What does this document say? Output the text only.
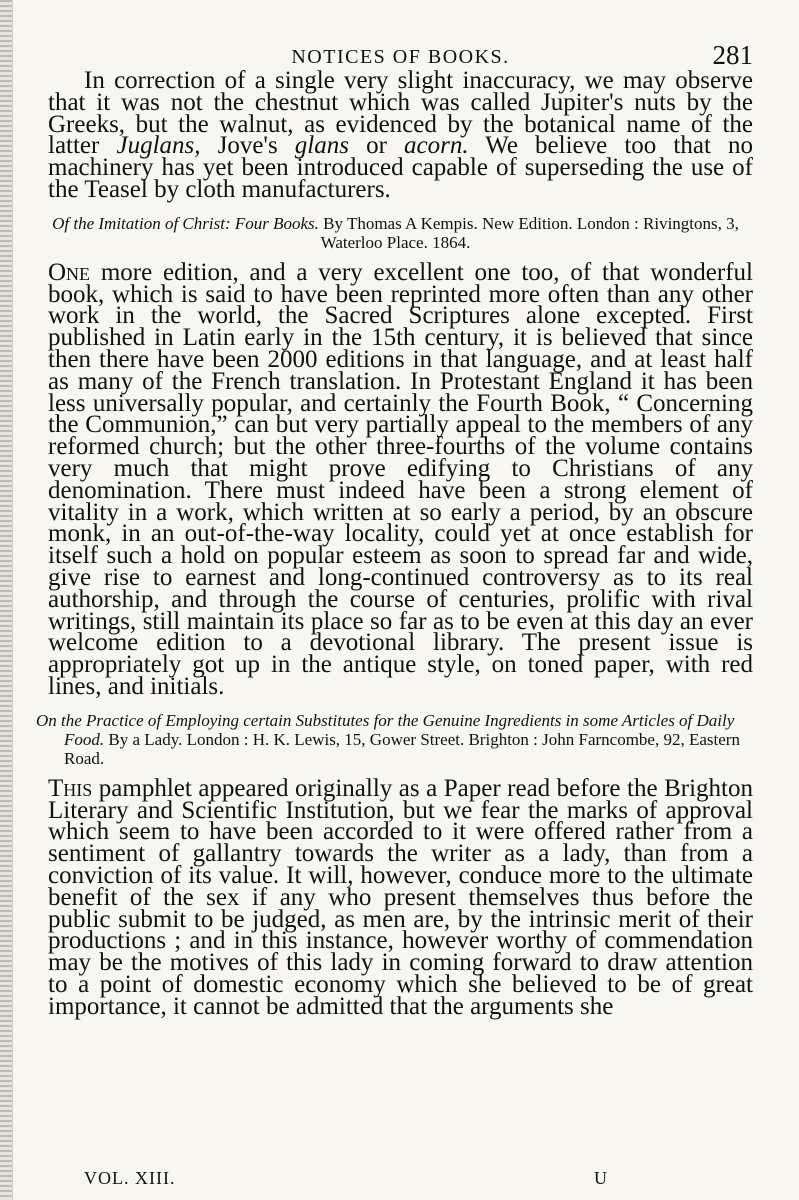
NOTICES OF BOOKS.	281

In correction of a single very slight inaccuracy, we may observe that it was not the chestnut which was called Jupiter's nuts by the Greeks, but the walnut, as evidenced by the botanical name of the latter Juglans, Jove's glans or acorn. We believe too that no machinery has yet been introduced capable of superseding the use of the Teasel by cloth manufacturers.

Of the Imitation of Christ: Four Books. By Thomas A Kempis. New Edition. London : Rivingtons, 3, Waterloo Place. 1864.

One more edition, and a very excellent one too, of that wonderful book, which is said to have been reprinted more often than any other work in the world, the Sacred Scriptures alone excepted. First published in Latin early in the 15th century, it is believed that since then there have been 2000 editions in that language, and at least half as many of the French translation. In Protestant England it has been less universally popular, and certainly the Fourth Book, “ Concerning the Communion,” can but very partially appeal to the members of any reformed church; but the other three-fourths of the volume contains very much that might prove edifying to Christians of any denomination. There must indeed have been a strong element of vitality in a work, which written at so early a period, by an obscure monk, in an out-of-the-way locality, could yet at once establish for itself such a hold on popular esteem as soon to spread far and wide, give rise to earnest and long-continued controversy as to its real authorship, and through the course of centuries, prolific with rival writings, still maintain its place so far as to be even at this day an ever welcome edition to a devotional library. The present issue is appropriately got up in the antique style, on toned paper, with red lines, and initials.

On the Practice of Employing certain Substitutes for the Genuine Ingredients in some Articles of Daily Food. By a Lady. London : H. K. Lewis, 15, Gower Street. Brighton : John Farncombe, 92, Eastern Road.

This pamphlet appeared originally as a Paper read before the Brighton Literary and Scientific Institution, but we fear the marks of approval which seem to have been accorded to it were offered rather from a sentiment of gallantry towards the writer as a lady, than from a conviction of its value. It will, however, conduce more to the ultimate benefit of the sex if any who present themselves thus before the public submit to be judged, as men are, by the intrinsic merit of their productions ; and in this instance, however worthy of commendation may be the motives of this lady in coming forward to draw attention to a point of domestic economy which she believed to be of great importance, it cannot be admitted that the arguments she

VOL. XIII.	U
